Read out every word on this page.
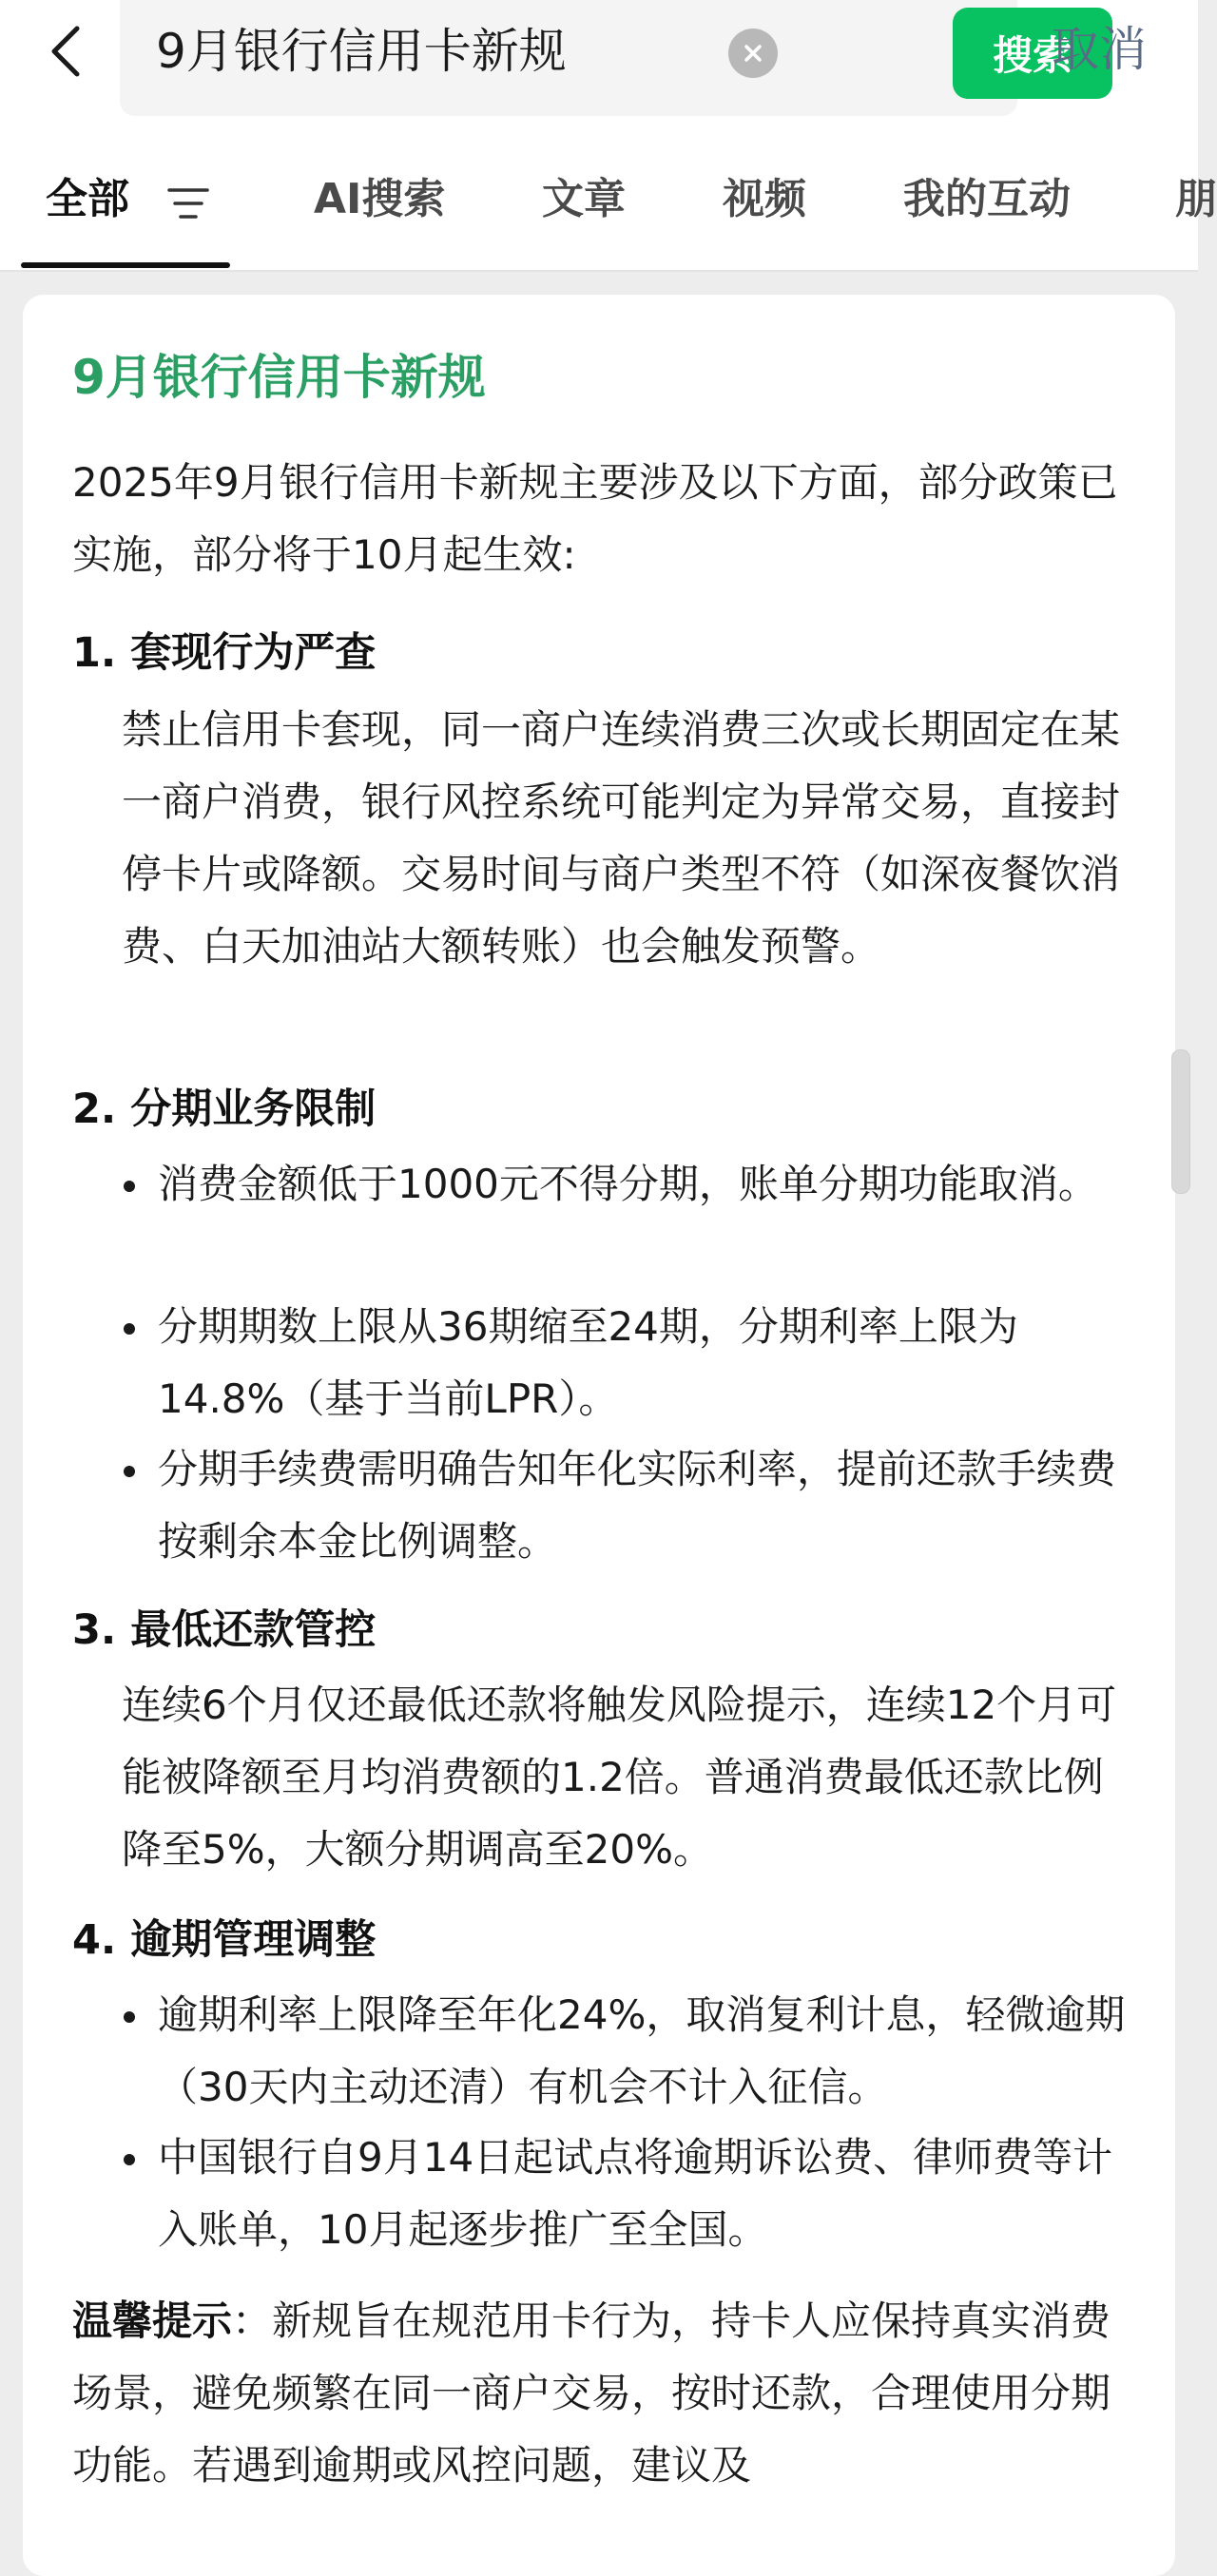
9月银行信用卡新规	搜索
取消
全部	AI搜索 文章 视频 我的互动	朋
9月银行信用卡新规

2025年9月银行信用卡新规主要涉及以下方面，部分政策已实施，部分将于10月起生效:

1. 套现行为严查

禁止信用卡套现，同一商户连续消费三次或长期固定在某一商户消费，银行风控系统可能判定为异常交易，直接封停卡片或降额。交易时间与商户类型不符（如深夜餐饮消费、白天加油站大额转账）也会触发预警。

2. 分期业务限制

消费金额低于1000元不得分期，账单分期功能取消。

分期期数上限从36期缩至24期，分期利率上限为14.8%（基于当前LPR）。

分期手续费需明确告知年化实际利率，提前还款手续费按剩余本金比例调整。

3. 最低还款管控

连续6个月仅还最低还款将触发风险提示，连续12个月可能被降额至月均消费额的1.2倍。普通消费最低还款比例降至5%，大额分期调高至20%。

4. 逾期管理调整

逾期利率上限降至年化24%，取消复利计息，轻微逾期（30天内主动还清）有机会不计入征信。

中国银行自9月14日起试点将逾期诉讼费、律师费等计入账单，10月起逐步推广至全国。

温馨提示：新规旨在规范用卡行为，持卡人应保持真实消费场景，避免频繁在同一商户交易，按时还款，合理使用分期功能。若遇到逾期或风控问题，建议及
